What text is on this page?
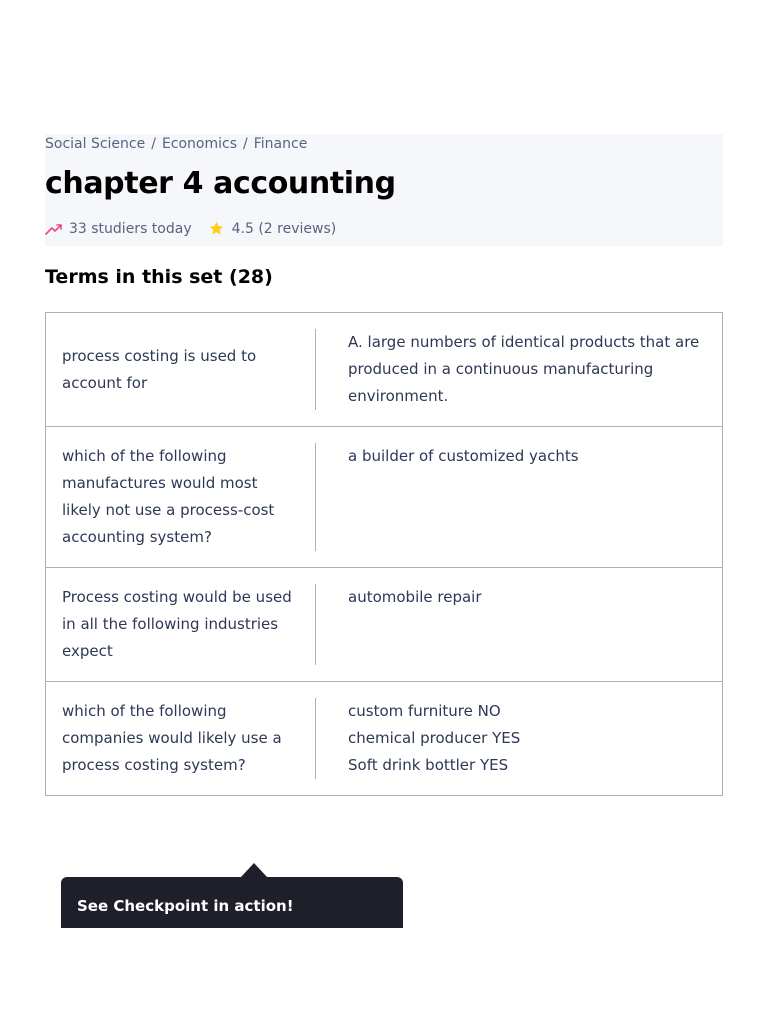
Social Science / Economics / Finance
chapter 4 accounting
33 studiers today	4.5 (2 reviews)
Terms in this set (28)
process costing is used to account for
A. large numbers of identical products that are produced in a continuous manufacturing environment.
which of the following manufactures would most likely not use a process-cost accounting system?
a builder of customized yachts
Process costing would be used in all the following industries expect
automobile repair
which of the following companies would likely use a process costing system?
custom furniture NO
chemical producer YES
Soft drink bottler YES
See Checkpoint in action!
